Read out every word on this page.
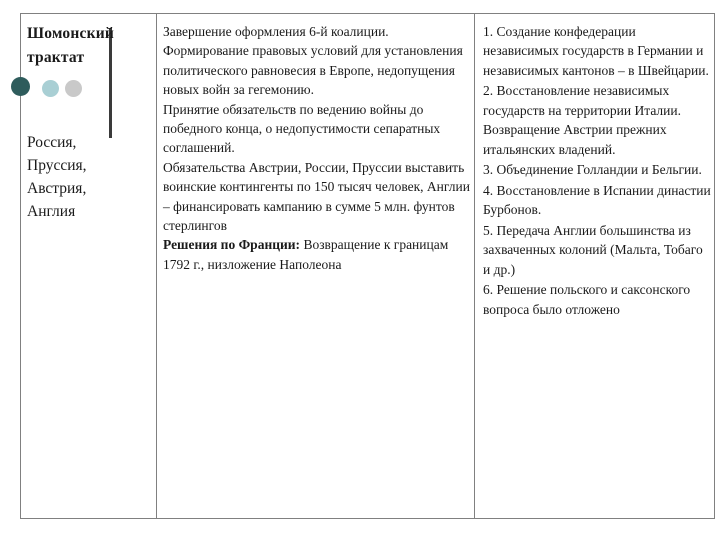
Шомонский
трактат
Россия,
Пруссия,
Австрия,
Англия

Завершение оформления 6-й коалиции. Формирование правовых условий для установления политического равновесия в Европе, недопущения новых войн за гегемонию.

Принятие обязательств по ведению войны до победного конца, о недопустимости сепаратных соглашений.

Обязательства Австрии, России, Пруссии выставить воинские контингенты по 150 тысяч человек, Англии – финансировать кампанию в сумме 5 млн. фунтов стерлингов

Решения по Франции: Возвращение к границам 1792 г., низложение Наполеона

1. Создание конфедерации независимых государств в Германии и независимых кантонов – в Швейцарии.

2. Восстановление независимых государств на территории Италии. Возвращение Австрии прежних итальянских владений.

3. Объединение Голландии и Бельгии.

4. Восстановление в Испании династии Бурбонов.

5. Передача Англии большинства из захваченных колоний (Мальта, Тобаго и др.)

6. Решение польского и саксонского вопроса было отложено
